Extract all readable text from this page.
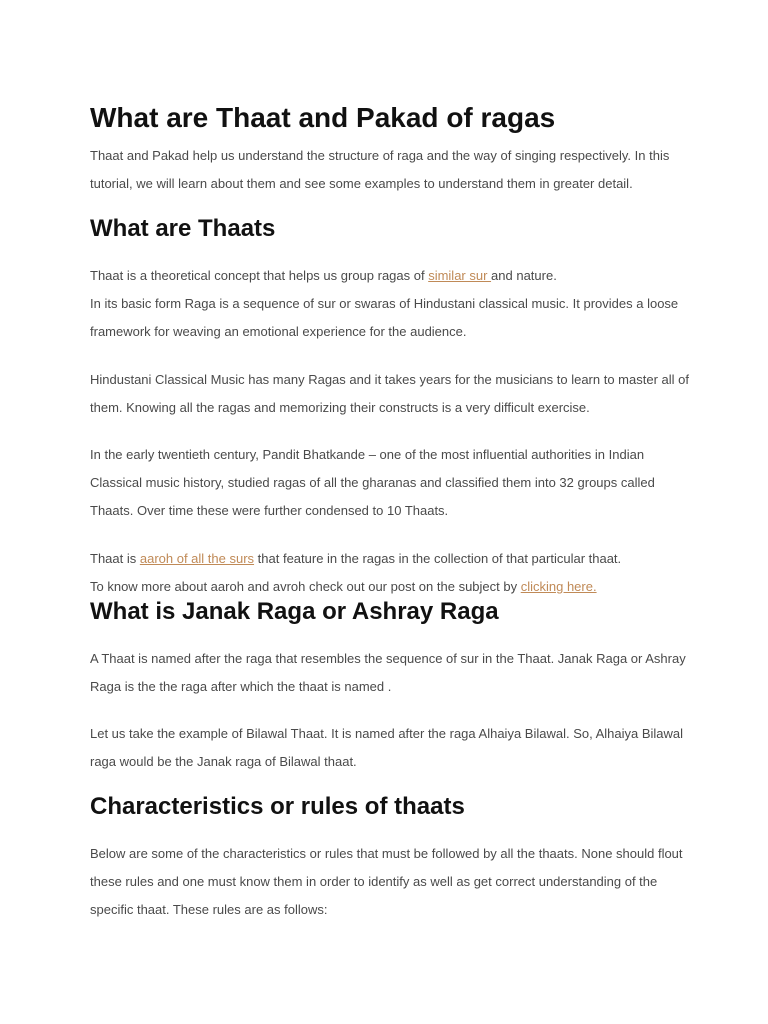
What are Thaat and Pakad of ragas

Thaat and Pakad help us understand the structure of raga and the way of singing respectively. In this tutorial, we will learn about them and see some examples to understand them in greater detail.

What are Thaats

Thaat is a theoretical concept that helps us group ragas of similar sur and nature.

In its basic form Raga is a sequence of sur or swaras of Hindustani classical music. It provides a loose framework for weaving an emotional experience for the audience.

Hindustani Classical Music has many Ragas and it takes years for the musicians to learn to master all of them. Knowing all the ragas and memorizing their constructs is a very difficult exercise.

In the early twentieth century, Pandit Bhatkande – one of the most influential authorities in Indian Classical music history, studied ragas of all the gharanas and classified them into 32 groups called Thaats. Over time these were further condensed to 10 Thaats.

Thaat is aaroh of all the surs that feature in the ragas in the collection of that particular thaat.

To know more about aaroh and avroh check out our post on the subject by clicking here.

What is Janak Raga or Ashray Raga

A Thaat is named after the raga that resembles the sequence of sur in the Thaat. Janak Raga or Ashray Raga is the the raga after which the thaat is named .

Let us take the example of Bilawal Thaat. It is named after the raga Alhaiya Bilawal. So, Alhaiya Bilawal raga would be the Janak raga of Bilawal thaat.

Characteristics or rules of thaats

Below are some of the characteristics or rules that must be followed by all the thaats. None should flout these rules and one must know them in order to identify as well as get correct understanding of the specific thaat. These rules are as follows:
